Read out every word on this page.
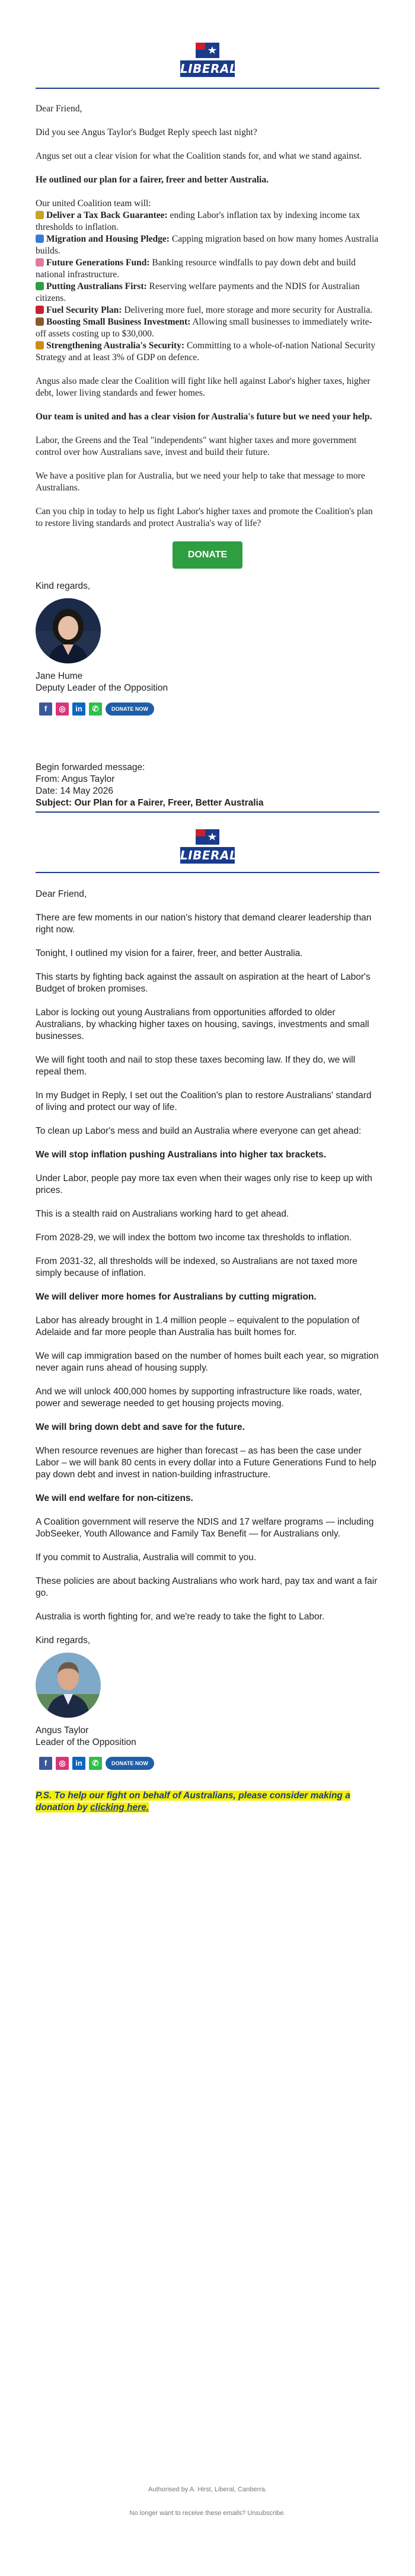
LIBERAL

Dear Friend,

Did you see Angus Taylor's Budget Reply speech last night?

Angus set out a clear vision for what the Coalition stands for, and what we stand against.

He outlined our plan for a fairer, freer and better Australia.

Our united Coalition team will:

Deliver a Tax Back Guarantee: ending Labor's inflation tax by indexing income tax thresholds to inflation.
Migration and Housing Pledge: Capping migration based on how many homes Australia builds.
Future Generations Fund: Banking resource windfalls to pay down debt and build national infrastructure.
Putting Australians First: Reserving welfare payments and the NDIS for Australian citizens.
Fuel Security Plan: Delivering more fuel, more storage and more security for Australia.
Boosting Small Business Investment: Allowing small businesses to immediately write-off assets costing up to $30,000.
Strengthening Australia's Security: Committing to a whole-of-nation National Security Strategy and at least 3% of GDP on defence.

Angus also made clear the Coalition will fight like hell against Labor's higher taxes, higher debt, lower living standards and fewer homes.

Our team is united and has a clear vision for Australia's future but we need your help.

Labor, the Greens and the Teal "independents" want higher taxes and more government control over how Australians save, invest and build their future.

We have a positive plan for Australia, but we need your help to take that message to more Australians.

Can you chip in today to help us fight Labor's higher taxes and promote the Coalition's plan to restore living standards and protect Australia's way of life?

DONATE

Kind regards,

Jane Hume

Deputy Leader of the Opposition

f	◎	in	✆	DONATE NOW

Begin forwarded message:

From: Angus Taylor

Date: 14 May 2026

Subject: Our Plan for a Fairer, Freer, Better Australia

LIBERAL

Dear Friend,

There are few moments in our nation's history that demand clearer leadership than right now.

Tonight, I outlined my vision for a fairer, freer, and better Australia.

This starts by fighting back against the assault on aspiration at the heart of Labor's Budget of broken promises.

Labor is locking out young Australians from opportunities afforded to older Australians, by whacking higher taxes on housing, savings, investments and small businesses.

We will fight tooth and nail to stop these taxes becoming law. If they do, we will repeal them.

In my Budget in Reply, I set out the Coalition's plan to restore Australians' standard of living and protect our way of life.

To clean up Labor's mess and build an Australia where everyone can get ahead:

We will stop inflation pushing Australians into higher tax brackets.

Under Labor, people pay more tax even when their wages only rise to keep up with prices.

This is a stealth raid on Australians working hard to get ahead.

From 2028-29, we will index the bottom two income tax thresholds to inflation.

From 2031-32, all thresholds will be indexed, so Australians are not taxed more simply because of inflation.

We will deliver more homes for Australians by cutting migration.

Labor has already brought in 1.4 million people – equivalent to the population of Adelaide and far more people than Australia has built homes for.

We will cap immigration based on the number of homes built each year, so migration never again runs ahead of housing supply.

And we will unlock 400,000 homes by supporting infrastructure like roads, water, power and sewerage needed to get housing projects moving.

We will bring down debt and save for the future.

When resource revenues are higher than forecast – as has been the case under Labor – we will bank 80 cents in every dollar into a Future Generations Fund to help pay down debt and invest in nation-building infrastructure.

We will end welfare for non-citizens.

A Coalition government will reserve the NDIS and 17 welfare programs — including JobSeeker, Youth Allowance and Family Tax Benefit — for Australians only.

If you commit to Australia, Australia will commit to you.

These policies are about backing Australians who work hard, pay tax and want a fair go.

Australia is worth fighting for, and we're ready to take the fight to Labor.

Kind regards,

Angus Taylor

Leader of the Opposition

f	◎	in	✆	DONATE NOW
P.S. To help our fight on behalf of Australians, please consider making a donation by clicking here.
Authorised by A. Hirst, Liberal, Canberra.
No longer want to receive these emails? Unsubscribe.
